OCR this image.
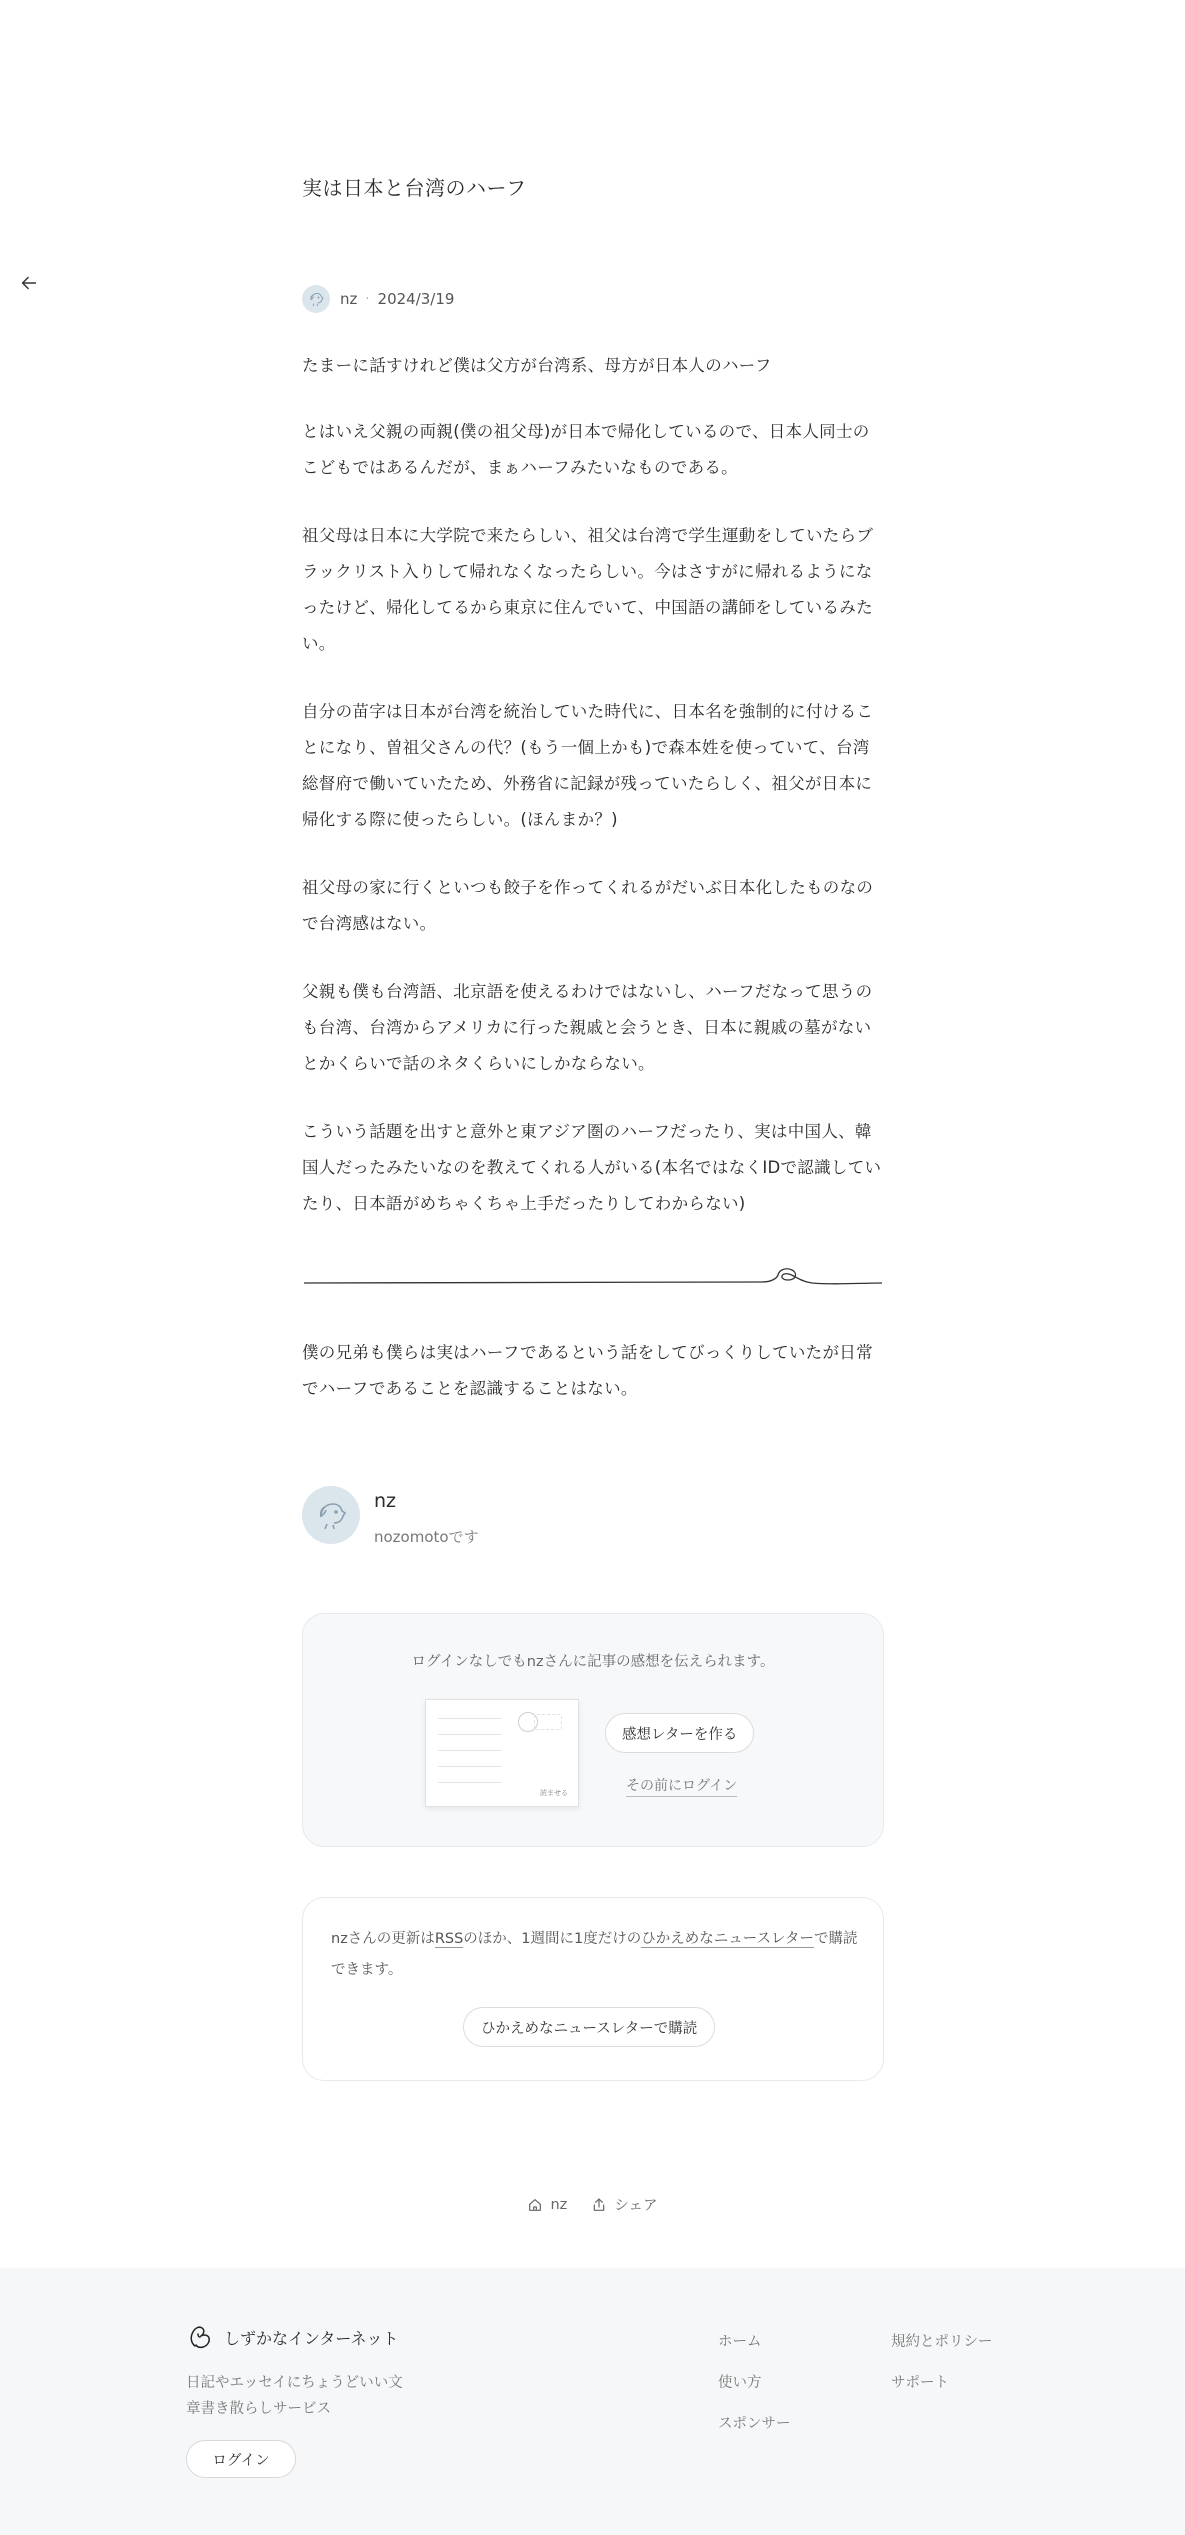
実は日本と台湾のハーフ
nz · 2024/3/19

たまーに話すけれど僕は父方が台湾系、母方が日本人のハーフ

とはいえ父親の両親(僕の祖父母)が日本で帰化しているので、日本人同士のこどもではあるんだが、まぁハーフみたいなものである。

祖父母は日本に大学院で来たらしい、祖父は台湾で学生運動をしていたらブラックリスト入りして帰れなくなったらしい。今はさすがに帰れるようになったけど、帰化してるから東京に住んでいて、中国語の講師をしているみたい。

自分の苗字は日本が台湾を統治していた時代に、日本名を強制的に付けることになり、曽祖父さんの代？(もう一個上かも)で森本姓を使っていて、台湾総督府で働いていたため、外務省に記録が残っていたらしく、祖父が日本に帰化する際に使ったらしい。(ほんまか？)

祖父母の家に行くといつも餃子を作ってくれるがだいぶ日本化したものなので台湾感はない。

父親も僕も台湾語、北京語を使えるわけではないし、ハーフだなって思うのも台湾、台湾からアメリカに行った親戚と会うとき、日本に親戚の墓がないとかくらいで話のネタくらいにしかならない。

こういう話題を出すと意外と東アジア圏のハーフだったり、実は中国人、韓国人だったみたいなのを教えてくれる人がいる(本名ではなくIDで認識していたり、日本語がめちゃくちゃ上手だったりしてわからない)

僕の兄弟も僕らは実はハーフであるという話をしてびっくりしていたが日常でハーフであることを認識することはない。

nz
nozomotoです
ログインなしでもnzさんに記事の感想を伝えられます。
読ませる
感想レターを作る
その前にログイン
nzさんの更新はRSSのほか、1週間に1度だけのひかえめなニュースレターで購読できます。
ひかえめなニュースレターで購読
nz	シェア
しずかなインターネット
日記やエッセイにちょうどいい文章書き散らしサービス
ログイン
ホーム
使い方
スポンサー
規約とポリシー
サポート
